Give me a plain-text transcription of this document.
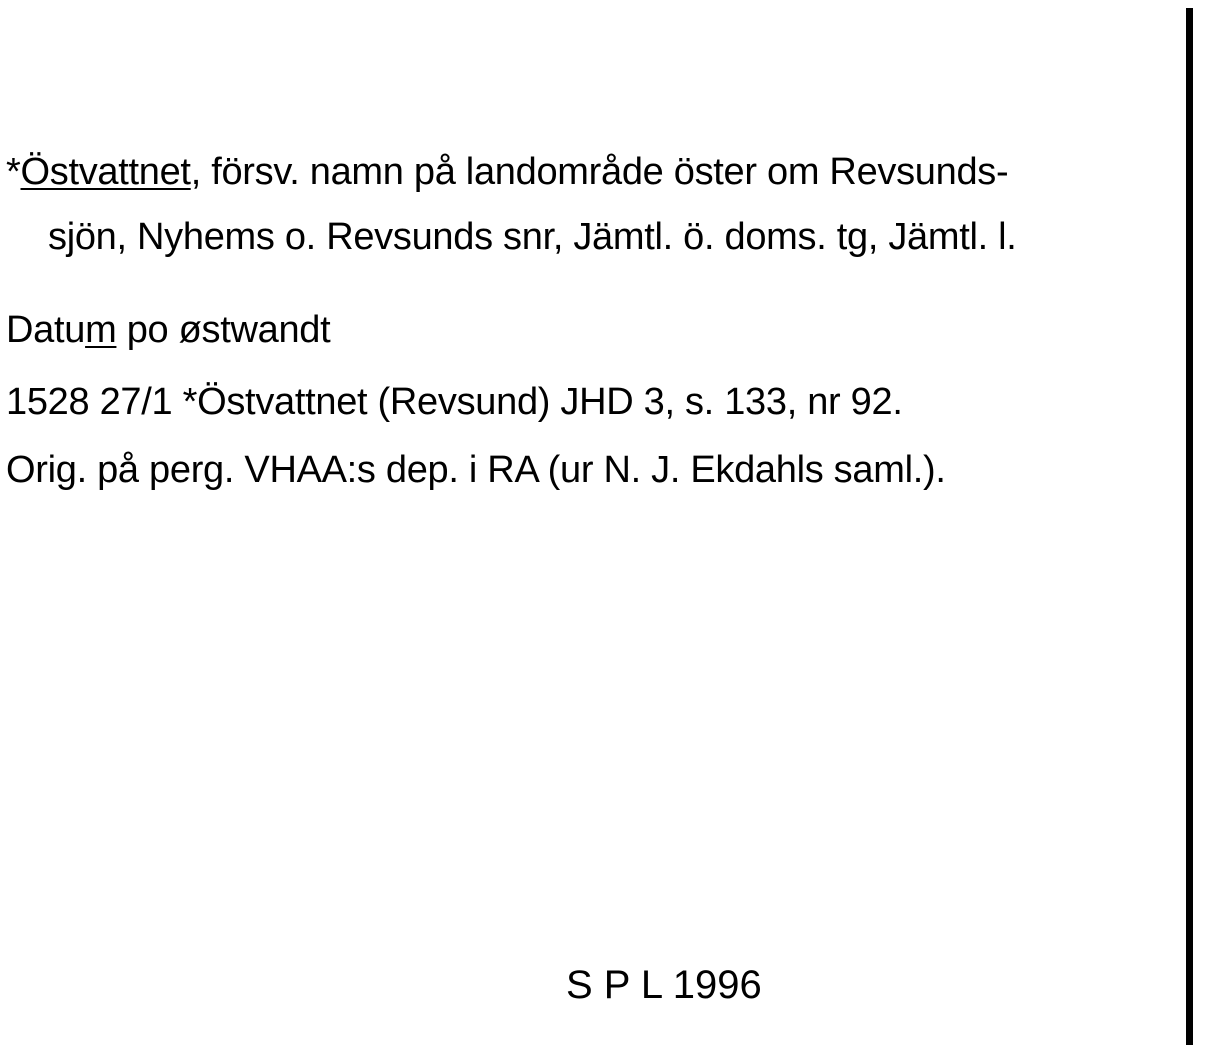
*Östvattnet, försv. namn på landområde öster om Revsunds-
sjön, Nyhems o. Revsunds snr, Jämtl. ö. doms. tg, Jämtl. l.
Datum po østwandt
1528 27/1 *Östvattnet (Revsund) JHD 3, s. 133, nr 92.
Orig. på perg. VHAA:s dep. i RA (ur N. J. Ekdahls saml.).
S P L 1996
